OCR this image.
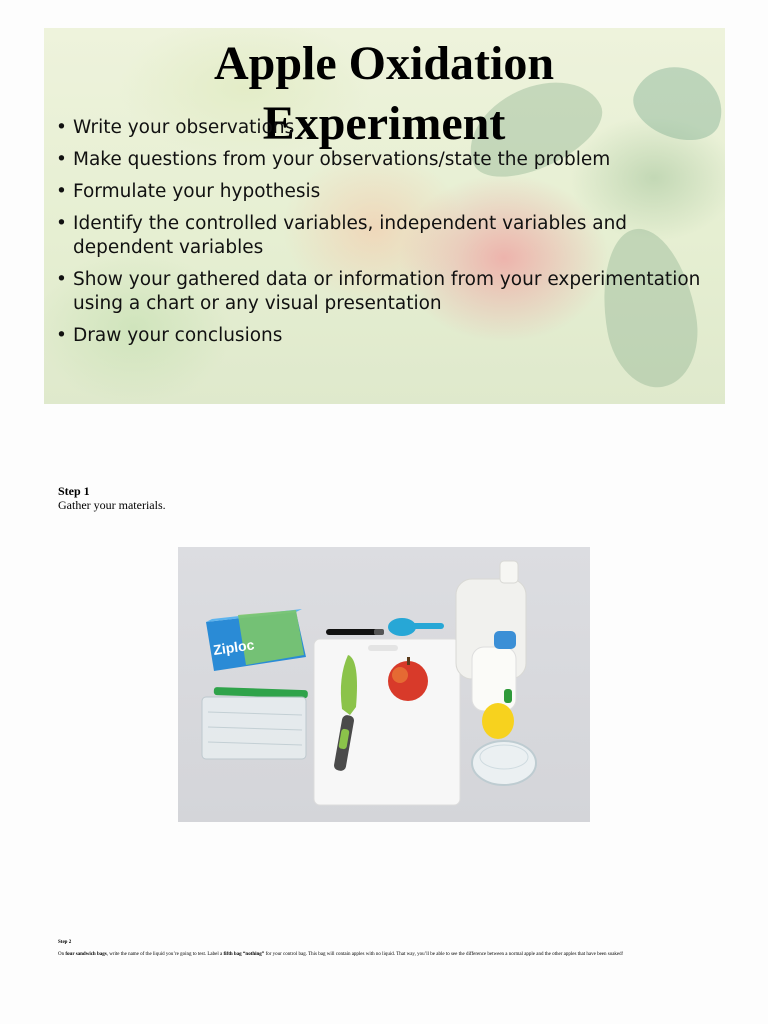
Apple Oxidation
Experiment
• Write your observations
• Make questions from your observations/state the problem
• Formulate your hypothesis
• Identify the controlled variables, independent variables and dependent variables
• Show your gathered data or information from your experimentation using a chart or any visual presentation
• Draw your conclusions
Step 1
Gather your materials.
Ziploc
Step 2
On four sandwich bags, write the name of the liquid you’re going to test. Label a fifth bag “nothing” for your control bag. This bag will contain apples with no liquid. That way, you’ll be able to see the difference between a normal apple and the other apples that have been soaked!
